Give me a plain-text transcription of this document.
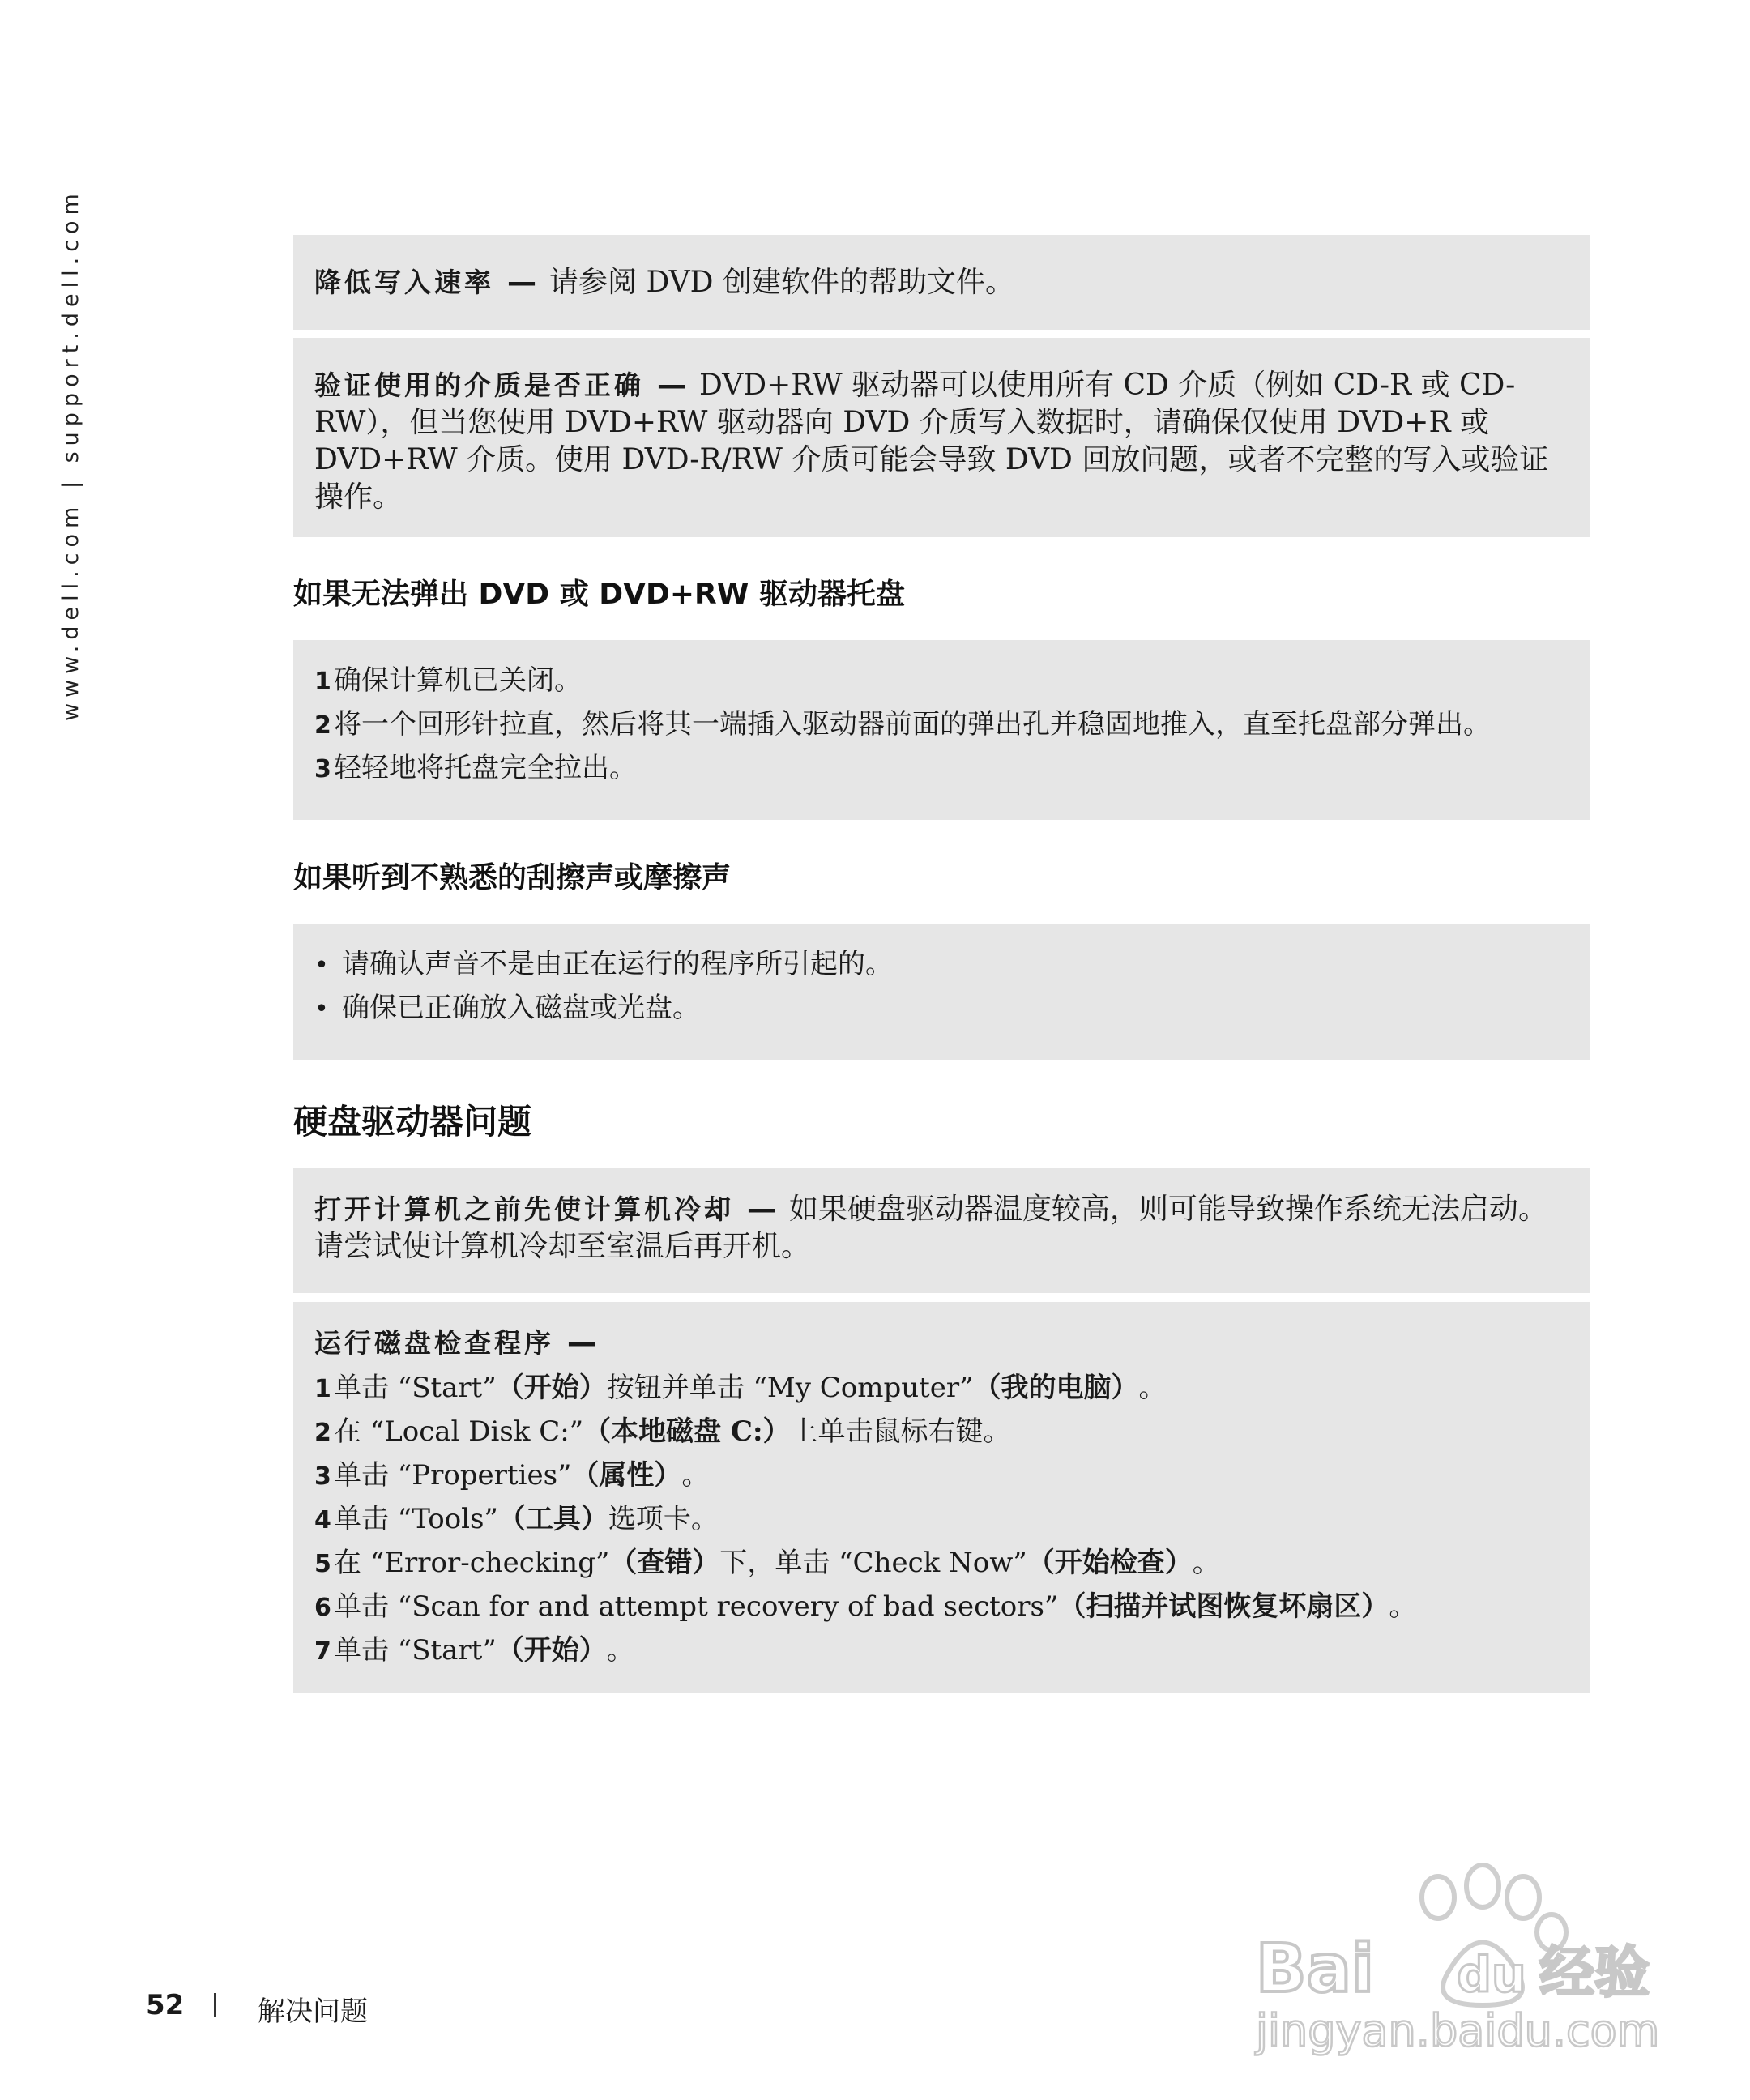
www.dell.com | support.dell.com	降低写入速率 — 请参阅 DVD 创建软件的帮助文件。

验证使用的介质是否正确 — DVD+RW 驱动器可以使用所有 CD 介质（例如 CD-R 或 CD-RW），但当您使用 DVD+RW 驱动器向 DVD 介质写入数据时，请确保仅使用 DVD+R 或 DVD+RW 介质。使用 DVD-R/RW 介质可能会导致 DVD 回放问题，或者不完整的写入或验证操作。

如果无法弹出 DVD 或 DVD+RW 驱动器托盘
1 确保计算机已关闭。
2 将一个回形针拉直，然后将其一端插入驱动器前面的弹出孔并稳固地推入，直至托盘部分弹出。
3 轻轻地将托盘完全拉出。
如果听到不熟悉的刮擦声或摩擦声
• 请确认声音不是由正在运行的程序所引起的。
• 确保已正确放入磁盘或光盘。
硬盘驱动器问题

打开计算机之前先使计算机冷却 — 如果硬盘驱动器温度较高，则可能导致操作系统无法启动。请尝试使计算机冷却至室温后再开机。

运行磁盘检查程序 —

1 单击 “Start” （开始） 按钮并单击 “My Computer” （我的电脑） 。
2 在 “Local Disk C:” （本地磁盘 C:） 上单击鼠标右键。
3 单击 “Properties” （属性） 。
4 单击 “Tools” （工具） 选项卡。
5 在 “Error-checking” （查错） 下，单击 “Check Now” （开始检查） 。
6 单击 “Scan for and attempt recovery of bad sectors” （扫描并试图恢复坏扇区） 。
7 单击 “Start” （开始） 。
52	解决问题
Bai du 经验
jingyan.baidu.com
